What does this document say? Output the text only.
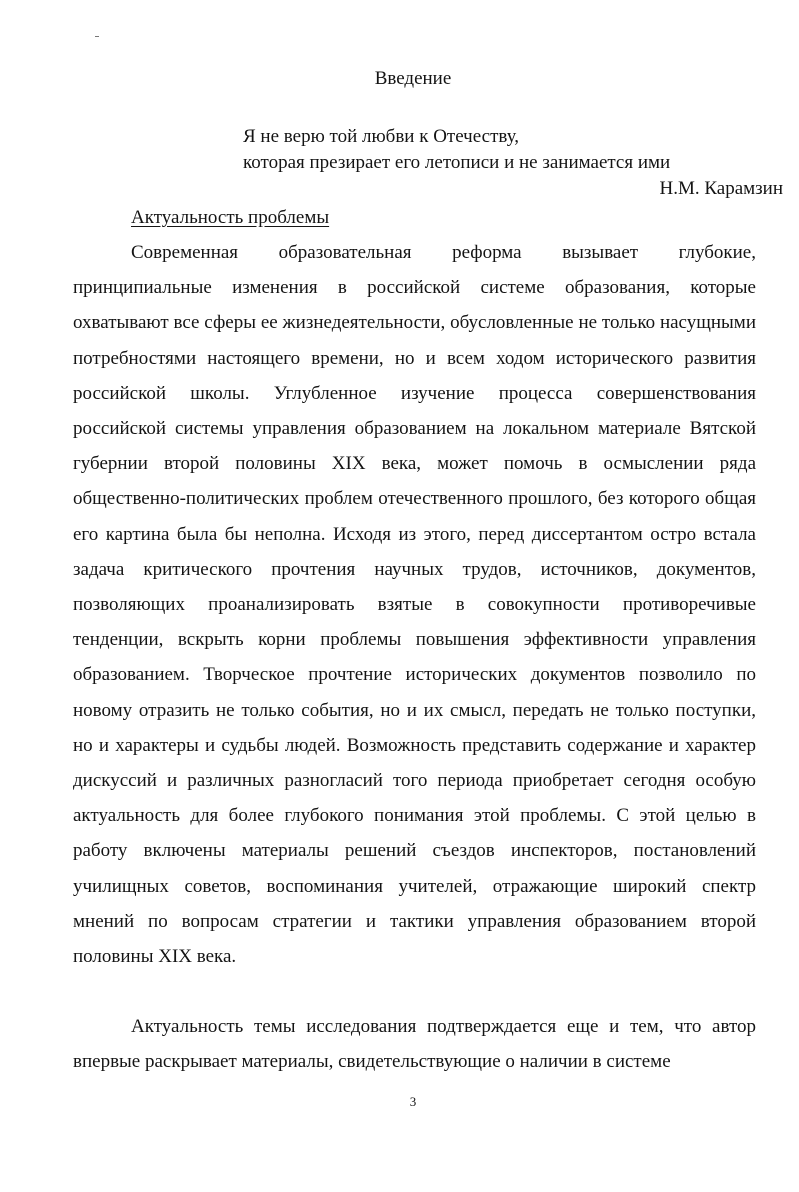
Введение
Я не верю той любви к Отечеству,
которая презирает его летописи и не занимается ими
Н.М. Карамзин
Актуальность проблемы

Современная образовательная реформа вызывает глубокие, принципиальные изменения в российской системе образования, которые охватывают все сферы ее жизнедеятельности, обусловленные не только насущными потребностями настоящего времени, но и всем ходом исторического развития российской школы. Углубленное изучение процесса совершенствования российской системы управления образованием на локальном материале Вятской губернии второй половины XIX века, может помочь в осмыслении ряда общественно-политических проблем отечественного прошлого, без которого общая его картина была бы неполна. Исходя из этого, перед диссертантом остро встала задача критического прочтения научных трудов, источников, документов, позволяющих проанализировать взятые в совокупности противоречивые тенденции, вскрыть корни проблемы повышения эффективности управления образованием. Творческое прочтение исторических документов позволило по новому отразить не только события, но и их смысл, передать не только поступки, но и характеры и судьбы людей. Возможность представить содержание и характер дискуссий и различных разногласий того периода приобретает сегодня особую актуальность для более глубокого понимания этой проблемы. С этой целью в работу включены материалы решений съездов инспекторов, постановлений училищных советов, воспоминания учителей, отражающие широкий спектр мнений по вопросам стратегии и тактики управления образованием второй половины XIX века.

Актуальность темы исследования подтверждается еще и тем, что автор впервые раскрывает материалы, свидетельствующие о наличии в системе

3
